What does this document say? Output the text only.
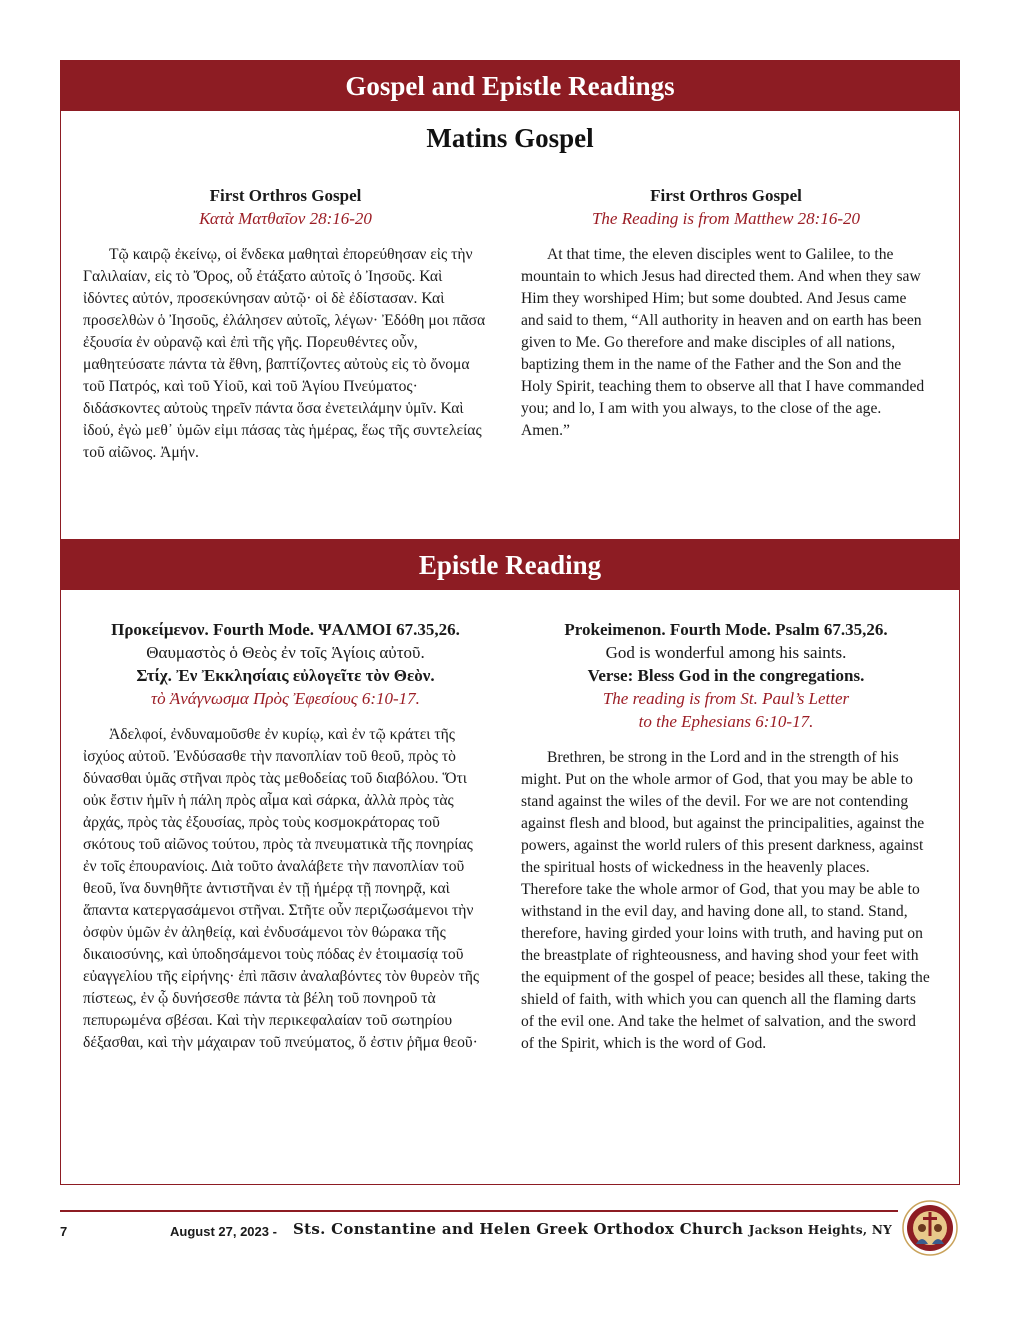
Gospel and Epistle Readings
Matins Gospel
First Orthros Gospel
Κατὰ Ματθαῖον 28:16-20

Τῷ καιρῷ ἐκείνῳ, οἱ ἕνδεκα μαθηταὶ ἐπορεύθησαν εἰς τὴν Γαλιλαίαν, εἰς τὸ Ὄρος, οὗ ἐτάξατο αὐτοῖς ὁ Ἰησοῦς. Καὶ ἰδόντες αὐτόν, προσεκύνησαν αὐτῷ· οἱ δὲ ἐδίστασαν. Καὶ προσελθὼν ὁ Ἰησοῦς, ἐλάλησεν αὐτοῖς, λέγων· Ἐδόθη μοι πᾶσα ἐξουσία ἐν οὐρανῷ καὶ ἐπὶ τῆς γῆς. Πορευθέντες οὖν, μαθητεύσατε πάντα τὰ ἔθνη, βαπτίζοντες αὐτοὺς εἰς τὸ ὄνομα τοῦ Πατρός, καὶ τοῦ Υἱοῦ, καὶ τοῦ Ἁγίου Πνεύματος· διδάσκοντες αὐτοὺς τηρεῖν πάντα ὅσα ἐνετειλάμην ὑμῖν. Καὶ ἰδού, ἐγὼ μεθ᾿ ὑμῶν εἰμι πάσας τὰς ἡμέρας, ἕως τῆς συντελείας τοῦ αἰῶνος. Ἀμήν.

First Orthros Gospel
The Reading is from Matthew 28:16-20

At that time, the eleven disciples went to Galilee, to the mountain to which Jesus had directed them. And when they saw Him they worshiped Him; but some doubted. And Jesus came and said to them, “All authority in heaven and on earth has been given to Me. Go therefore and make disciples of all nations, baptizing them in the name of the Father and the Son and the Holy Spirit, teaching them to observe all that I have commanded you; and lo, I am with you always, to the close of the age. Amen.”

Epistle Reading
Προκείμενον. Fourth Mode. ΨΑΛΜΟΙ 67.35,26.
Θαυμαστὸς ὁ Θεὸς ἐν τοῖς Ἁγίοις αὐτοῦ.
Στίχ. Ἐν Ἐκκλησίαις εὐλογεῖτε τὸν Θεὸν.
τὸ Ἀνάγνωσμα Πρὸς Ἐφεσίους 6:10-17.

Ἀδελφοί, ἐνδυναμοῦσθε ἐν κυρίῳ, καὶ ἐν τῷ κράτει τῆς ἰσχύος αὐτοῦ. Ἐνδύσασθε τὴν πανοπλίαν τοῦ θεοῦ, πρὸς τὸ δύνασθαι ὑμᾶς στῆναι πρὸς τὰς μεθοδείας τοῦ διαβόλου. Ὅτι οὐκ ἔστιν ἡμῖν ἡ πάλη πρὸς αἷμα καὶ σάρκα, ἀλλὰ πρὸς τὰς ἀρχάς, πρὸς τὰς ἐξουσίας, πρὸς τοὺς κοσμοκράτορας τοῦ σκότους τοῦ αἰῶνος τούτου, πρὸς τὰ πνευματικὰ τῆς πονηρίας ἐν τοῖς ἐπουρανίοις. Διὰ τοῦτο ἀναλάβετε τὴν πανοπλίαν τοῦ θεοῦ, ἵνα δυνηθῆτε ἀντιστῆναι ἐν τῇ ἡμέρᾳ τῇ πονηρᾷ, καὶ ἅπαντα κατεργασάμενοι στῆναι. Στῆτε οὖν περιζωσάμενοι τὴν ὀσφὺν ὑμῶν ἐν ἀληθείᾳ, καὶ ἐνδυσάμενοι τὸν θώρακα τῆς δικαιοσύνης, καὶ ὑποδησάμενοι τοὺς πόδας ἐν ἑτοιμασίᾳ τοῦ εὐαγγελίου τῆς εἰρήνης· ἐπὶ πᾶσιν ἀναλαβόντες τὸν θυρεὸν τῆς πίστεως, ἐν ᾧ δυνήσεσθε πάντα τὰ βέλη τοῦ πονηροῦ τὰ πεπυρωμένα σβέσαι. Καὶ τὴν περικεφαλαίαν τοῦ σωτηρίου δέξασθαι, καὶ τὴν μάχαιραν τοῦ πνεύματος, ὅ ἐστιν ῥῆμα θεοῦ·

Prokeimenon. Fourth Mode. Psalm 67.35,26.
God is wonderful among his saints.
Verse: Bless God in the congregations.
The reading is from St. Paul’s Letter
to the Ephesians 6:10-17.

Brethren, be strong in the Lord and in the strength of his might. Put on the whole armor of God, that you may be able to stand against the wiles of the devil. For we are not contending against flesh and blood, but against the principalities, against the powers, against the world rulers of this present darkness, against the spiritual hosts of wickedness in the heavenly places. Therefore take the whole armor of God, that you may be able to withstand in the evil day, and having done all, to stand. Stand, therefore, having girded your loins with truth, and having put on the breastplate of righteousness, and having shod your feet with the equipment of the gospel of peace; besides all these, taking the shield of faith, with which you can quench all the flaming darts of the evil one. And take the helmet of salvation, and the sword of the Spirit, which is the word of God.

7	August 27, 2023 - Sts. Constantine and Helen Greek Orthodox Church Jackson Heights, NY
